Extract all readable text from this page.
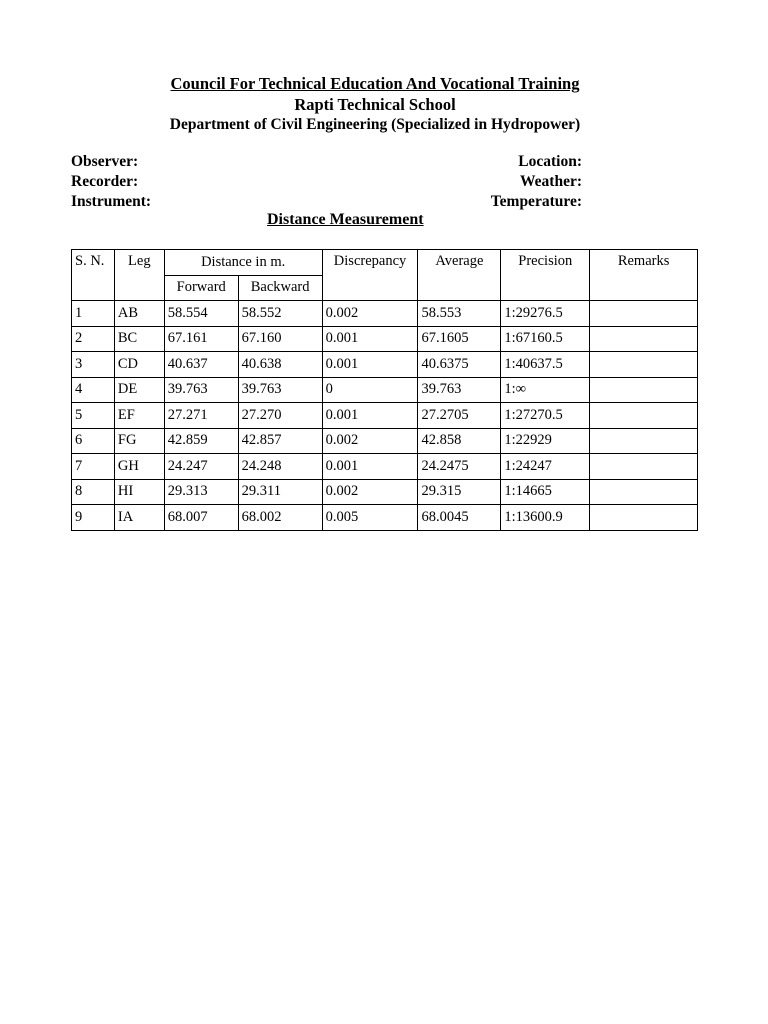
Council For Technical Education And Vocational Training
Rapti Technical School
Department of Civil Engineering (Specialized in Hydropower)
Observer:
Recorder:
Instrument:
Location:
Weather:
Temperature:
Distance Measurement
S. N.	Leg	Distance in m.		Discrepancy	Average	Precision	Remarks
		Forward	Backward				
1	AB	58.554	58.552	0.002	58.553	1:29276.5	
2	BC	67.161	67.160	0.001	67.1605	1:67160.5	
3	CD	40.637	40.638	0.001	40.6375	1:40637.5	
4	DE	39.763	39.763	0	39.763	1:∞	
5	EF	27.271	27.270	0.001	27.2705	1:27270.5	
6	FG	42.859	42.857	0.002	42.858	1:22929	
7	GH	24.247	24.248	0.001	24.2475	1:24247	
8	HI	29.313	29.311	0.002	29.315	1:14665	
9	IA	68.007	68.002	0.005	68.0045	1:13600.9	
